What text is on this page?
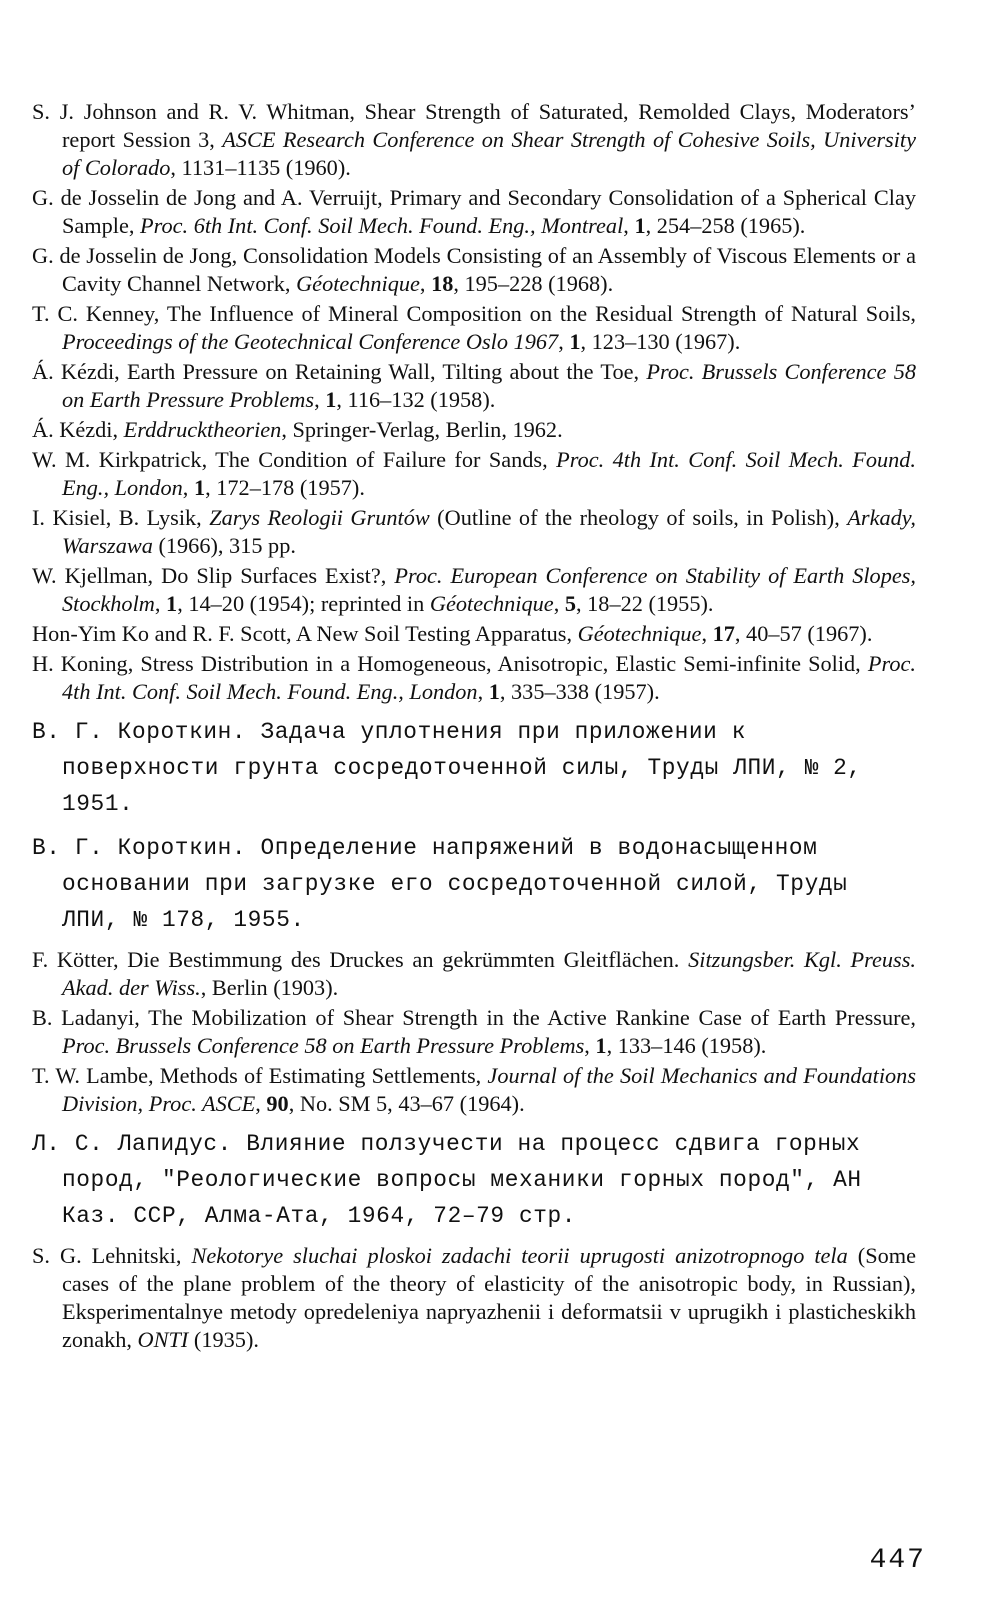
S. J. Johnson and R. V. Whitman, Shear Strength of Saturated, Remolded Clays, Moderators’ report Session 3, ASCE Research Conference on Shear Strength of Cohesive Soils, University of Colorado, 1131–1135 (1960).

G. de Josselin de Jong and A. Verruijt, Primary and Secondary Consolidation of a Spherical Clay Sample, Proc. 6th Int. Conf. Soil Mech. Found. Eng., Montreal, 1, 254–258 (1965).

G. de Josselin de Jong, Consolidation Models Consisting of an Assembly of Viscous Elements or a Cavity Channel Network, Géotechnique, 18, 195–228 (1968).

T. C. Kenney, The Influence of Mineral Composition on the Residual Strength of Natural Soils, Proceedings of the Geotechnical Conference Oslo 1967, 1, 123–130 (1967).

Á. Kézdi, Earth Pressure on Retaining Wall, Tilting about the Toe, Proc. Brussels Conference 58 on Earth Pressure Problems, 1, 116–132 (1958).

Á. Kézdi, Erddrucktheorien, Springer-Verlag, Berlin, 1962.

W. M. Kirkpatrick, The Condition of Failure for Sands, Proc. 4th Int. Conf. Soil Mech. Found. Eng., London, 1, 172–178 (1957).

I. Kisiel, B. Lysik, Zarys Reologii Gruntów (Outline of the rheology of soils, in Polish), Arkady, Warszawa (1966), 315 pp.

W. Kjellman, Do Slip Surfaces Exist?, Proc. European Conference on Stability of Earth Slopes, Stockholm, 1, 14–20 (1954); reprinted in Géotechnique, 5, 18–22 (1955).

Hon-Yim Ko and R. F. Scott, A New Soil Testing Apparatus, Géotechnique, 17, 40–57 (1967).

H. Koning, Stress Distribution in a Homogeneous, Anisotropic, Elastic Semi-infinite Solid, Proc. 4th Int. Conf. Soil Mech. Found. Eng., London, 1, 335–338 (1957).

В. Г. Короткин. Задача уплотнения при приложении к поверхности грунта сосредоточенной силы, Труды ЛПИ, № 2, 1951.

В. Г. Короткин. Определение напряжений в водонасыщенном основании при загрузке его сосредоточенной силой, Труды ЛПИ, № 178, 1955.

F. Kötter, Die Bestimmung des Druckes an gekrümmten Gleitflächen. Sitzungsber. Kgl. Preuss. Akad. der Wiss., Berlin (1903).

B. Ladanyi, The Mobilization of Shear Strength in the Active Rankine Case of Earth Pressure, Proc. Brussels Conference 58 on Earth Pressure Problems, 1, 133–146 (1958).

T. W. Lambe, Methods of Estimating Settlements, Journal of the Soil Mechanics and Foundations Division, Proc. ASCE, 90, No. SM 5, 43–67 (1964).

Л. С. Лапидус. Влияние ползучести на процесс сдвига горных пород, "Реологические вопросы механики горных пород", АН Каз. ССР, Алма-Ата, 1964, 72–79 стр.

S. G. Lehnitski, Nekotorye sluchai ploskoi zadachi teorii uprugosti anizotropnogo tela (Some cases of the plane problem of the theory of elasticity of the anisotropic body, in Russian), Eksperimentalnye metody opredeleniya napryazhenii i deformatsii v uprugikh i plasticheskikh zonakh, ONTI (1935).

447
